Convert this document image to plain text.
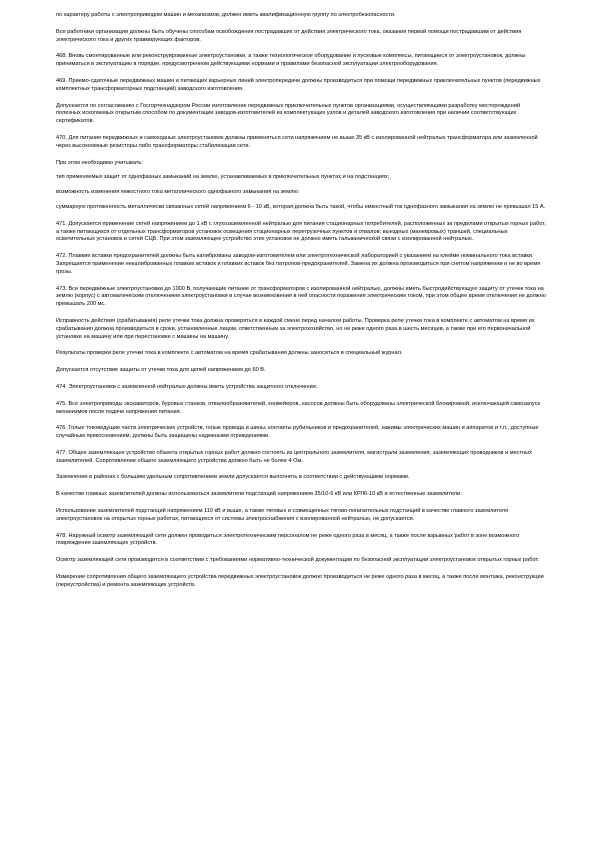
по характеру работы с электроприводом машин и механизмов, должен иметь квалификационную группу по электробезопасности.

Все работники организации должны быть обучены способам освобождения пострадавших от действия электрического тока, оказания первой помощи пострадавшим от действия электрического тока и других травмирующих факторов.

468. Вновь смонтированные или реконструированные электроустановки, а также технологическое оборудование и пусковые комплексы, питающиеся от электроустановок, должны приниматься в эксплуатацию в порядке, предусмотренном действующими нормами и правилами безопасной эксплуатации электрооборудования.

469. Приемо-сдаточные передвижных машин и питающих карьерных линий электропередачи должны производиться при помощи передвижных приключательных пунктов (передвижных комплектных трансформаторных подстанций) заводского изготовления.

Допускается по согласованию с Госгортехнадзором России изготовление передвижных приключательных пунктов организациями, осуществляющими разработку месторождений полезных ископаемых открытым способом по документации заводов-изготовителей из комплектующих узлов и деталей заводского изготовления при наличии соответствующих сертификатов.

470. Для питания передвижных и самоходных электроустановок должны применяться сети напряжением не выше 35 кВ с изолированной нейтралью трансформатора или заземленной через высокоомные резисторы либо трансформаторы стабилизации сети.

При этом необходимо учитывать:

тип применяемых защит от однофазных замыканий на землю, устанавливаемых в приключательных пунктах и на подстанциях;

возможность изменения емкостного тока металлического однофазного замыкания на землю:

суммарную протяженность металлически связанных сетей напряжением 6 - 10 кВ, которая должна быть такой, чтобы емкостный ток однофазного замыкания на землю не превышал 15 А.

471. Допускается применение сетей напряжением до 1 кВ с глухозаземленной нейтралью для питания стационарных потребителей, расположенных за пределами открытых горных работ, а также питающихся от отдельных трансформаторов установок освещения стационарных перегрузочных пунктов и отвалов; выездных (маневровых) траншей, специальных осветительных установок и сетей СЦБ. При этом заземляющее устройство этих установок не должно иметь гальванической связи с изолированной нейтралью.

472. Плавкие вставки предохранителей должны быть калиброваны заводом-изготовителем или электротехнической лабораторией с указанием на клейме номинального тока вставки. Запрещается применение некалиброванных плавких вставок и плавких вставок без патронов-предохранителей. Замена их должна производиться при снятом напряжении и не во время грозы.

473. Все передвижные электроустановки до 1000 В, получающие питание от трансформаторов с изолированной нейтралью, должны иметь быстродействующую защиту от утечек тока на землю (корпус) с автоматическим отключением электроустановки в случае возникновения в ней опасности поражения электрическим током, при этом общее время отключения не должно превышать 200 мс.

Исправность действия (срабатывания) реле утечки тока должна проверяться в каждой смене перед началом работы. Проверка реле утечки тока в комплекте с автоматом на время их срабатывания должна производиться в сроки, установленные лицом, ответственным за электрохозяйство, но не реже одного раза в шесть месяцев, а также при его первоначальной установке на машину или при перестановке с машины на машину.

Результаты проверки реле утечки тока в комплекте с автоматом на время срабатывания должны заноситься в специальный журнал.

Допускается отсутствие защиты от утечки тока для цепей напряжением до 60 В.

474. Электроустановки с заземленной нейтралью должны иметь устройства защитного отключения.

475. Все электроприводы экскаваторов, буровых станков, отвалообразователей, конвейеров, насосов должны быть оборудованы электрической блокировкой, исключающей самозапуск механизмов после подачи напряжения питания.

476. Голые токоведущие части электрических устройств, голые провода и шины, контакты рубильников и предохранителей, зажимы электрических машин и аппаратов и т.п., доступные случайным прикосновениям, должны быть защищены надежными ограждениями.

477. Общее заземляющее устройство объекта открытых горных работ должно состоять из центрального заземлителя, магистрали заземления, заземляющих проводников и местных заземлителей. Сопротивление общего заземляющего устройства должно быть не более 4 Ом.

Заземление в районах с большим удельным сопротивлением земли допускается выполнять в соответствии с действующими нормами.

В качестве главных заземлителей должны использоваться заземлители подстанций напряжением 35/10-6 кВ или КРЛ6-10 кВ и естественные заземлители.

Использование заземлителей подстанций напряжением 110 кВ и выше, а также тяговых и совмещенных тягово-понизительных подстанций в качестве главного заземлителя электроустановок на открытых горных работах, питающихся от системы электроснабжения с изолированной нейтралью, не допускается.

478. Наружный осмотр заземляющей сети должен проводиться электротехническим персоналом не реже одного раза в месяц, а также после взрывных работ в зоне возможного повреждения заземляющих устройств.

Осмотр заземляющей сети производится в соответствии с требованиями нормативно-технической документации по безопасной эксплуатации электроустановок открытых горных работ.

Измерение сопротивления общего заземляющего устройства передвижных электроустановок должно производиться не реже одного раза в месяц, а также после монтажа, реконструкции (переустройства) и ремонта заземляющих устройств.
